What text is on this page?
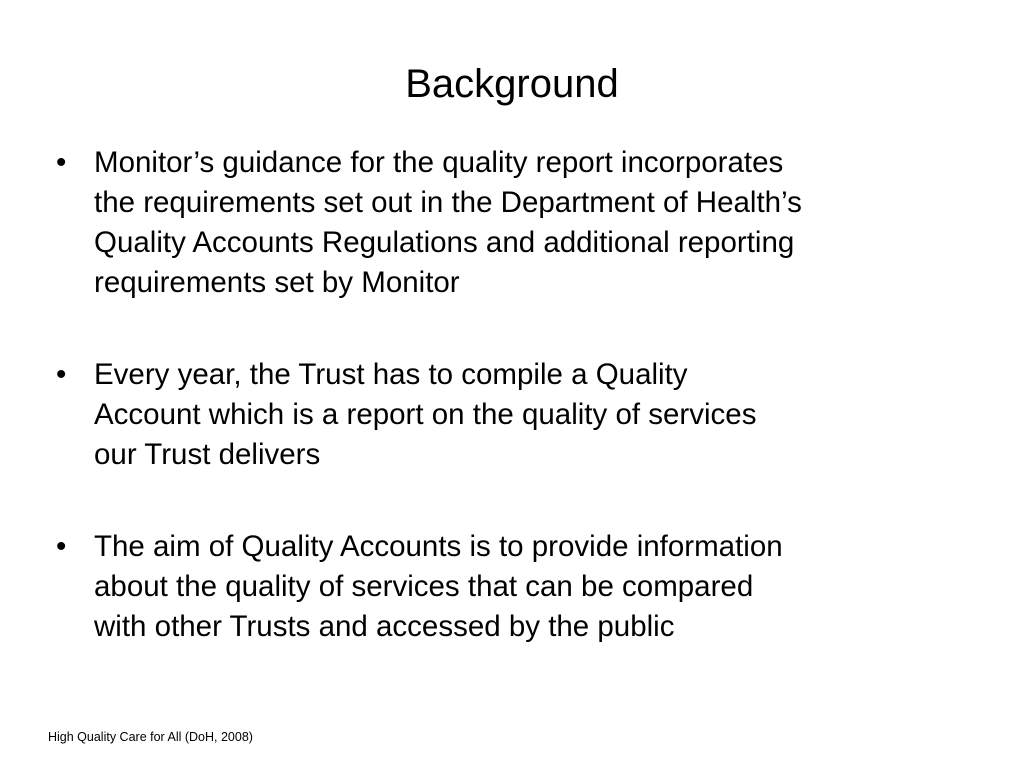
Background
• Monitor’s guidance for the quality report incorporates
the requirements set out in the Department of Health’s
Quality Accounts Regulations and additional reporting
requirements set by Monitor
• Every year, the Trust has to compile a Quality
Account which is a report on the quality of services
our Trust delivers
• The aim of Quality Accounts is to provide information
about the quality of services that can be compared
with other Trusts and accessed by the public
High Quality Care for All (DoH, 2008)
